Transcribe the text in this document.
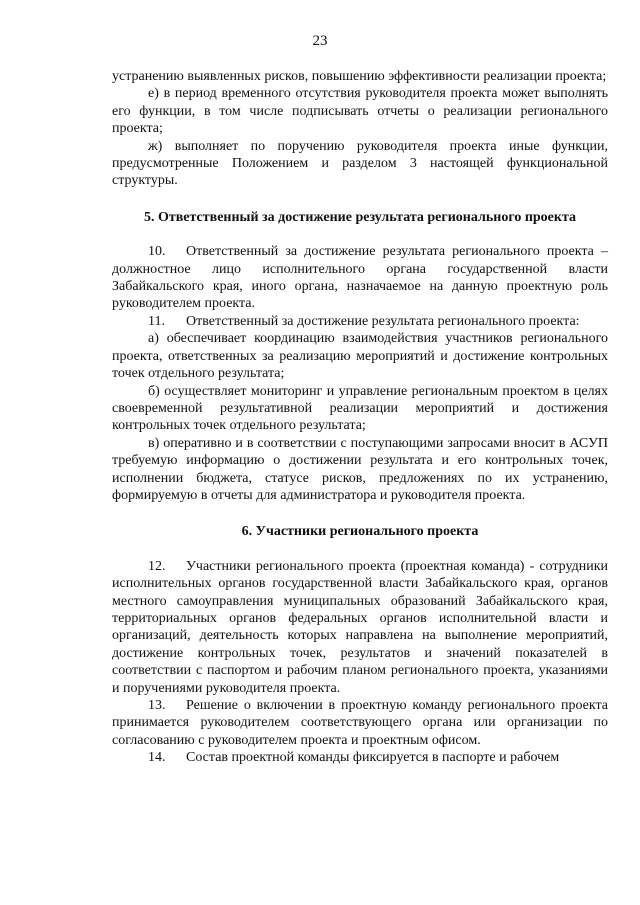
23

устранению выявленных рисков, повышению эффективности реализации проекта;

е) в период временного отсутствия руководителя проекта может выполнять его функции, в том числе подписывать отчеты о реализации регионального проекта;

ж) выполняет по поручению руководителя проекта иные функции, предусмотренные Положением и разделом 3 настоящей функциональной структуры.

5. Ответственный за достижение результата регионального проекта

10. Ответственный за достижение результата регионального проекта – должностное лицо исполнительного органа государственной власти Забайкальского края, иного органа, назначаемое на данную проектную роль руководителем проекта.

11. Ответственный за достижение результата регионального проекта:

а) обеспечивает координацию взаимодействия участников регионального проекта, ответственных за реализацию мероприятий и достижение контрольных точек отдельного результата;

б) осуществляет мониторинг и управление региональным проектом в целях своевременной результативной реализации мероприятий и достижения контрольных точек отдельного результата;

в) оперативно и в соответствии с поступающими запросами вносит в АСУП требуемую информацию о достижении результата и его контрольных точек, исполнении бюджета, статусе рисков, предложениях по их устранению, формируемую в отчеты для администратора и руководителя проекта.

6. Участники регионального проекта

12. Участники регионального проекта (проектная команда) - сотрудники исполнительных органов государственной власти Забайкальского края, органов местного самоуправления муниципальных образований Забайкальского края, территориальных органов федеральных органов исполнительной власти и организаций, деятельность которых направлена на выполнение мероприятий, достижение контрольных точек, результатов и значений показателей в соответствии с паспортом и рабочим планом регионального проекта, указаниями и поручениями руководителя проекта.

13. Решение о включении в проектную команду регионального проекта принимается руководителем соответствующего органа или организации по согласованию с руководителем проекта и проектным офисом.

14. Состав проектной команды фиксируется в паспорте и рабочем
